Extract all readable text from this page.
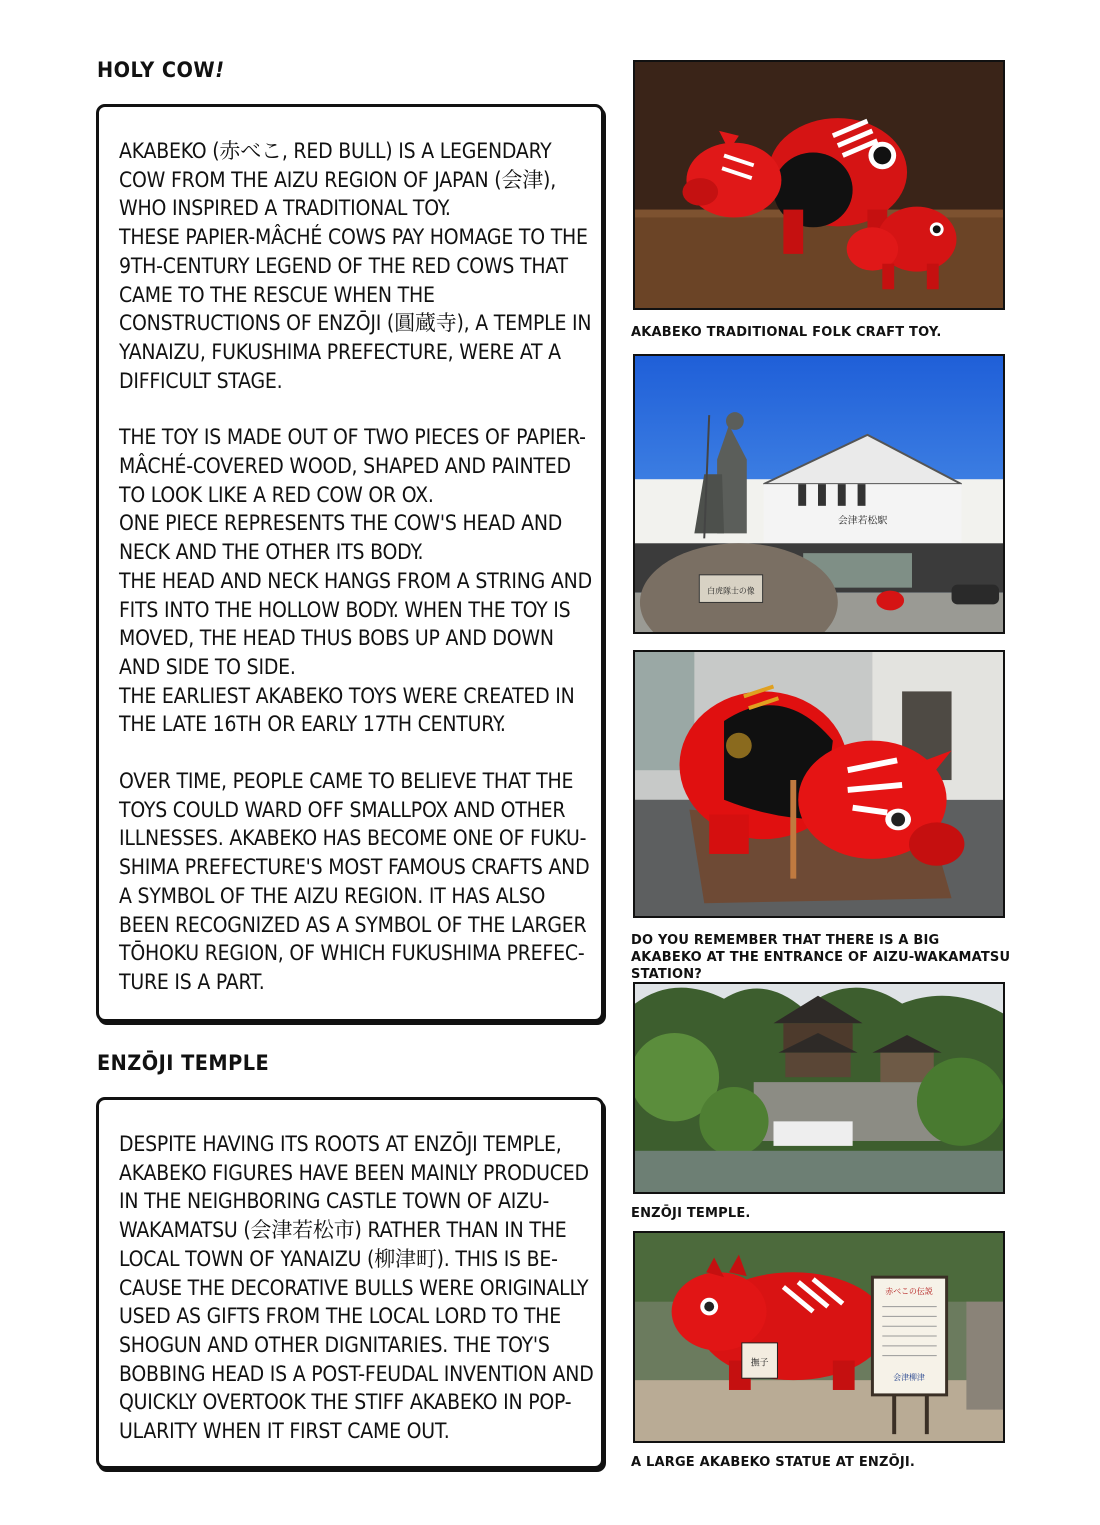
HOLY COW!

AKABEKO (赤べこ, RED BULL) IS A LEGENDARY COW FROM THE AIZU REGION OF JAPAN (会津), WHO INSPIRED A TRADITIONAL TOY.

THESE PAPIER-MÂCHÉ COWS PAY HOMAGE TO THE 9TH-CENTURY LEGEND OF THE RED COWS THAT CAME TO THE RESCUE WHEN THE CONSTRUCTIONS OF ENZŌJI (圓蔵寺), A TEMPLE IN YANAIZU, FUKUSHIMA PREFECTURE, WERE AT A DIFFICULT STAGE.

THE TOY IS MADE OUT OF TWO PIECES OF PAPIER-MÂCHÉ-COVERED WOOD, SHAPED AND PAINTED TO LOOK LIKE A RED COW OR OX.

ONE PIECE REPRESENTS THE COW'S HEAD AND NECK AND THE OTHER ITS BODY.

THE HEAD AND NECK HANGS FROM A STRING AND FITS INTO THE HOLLOW BODY. WHEN THE TOY IS MOVED, THE HEAD THUS BOBS UP AND DOWN AND SIDE TO SIDE.

THE EARLIEST AKABEKO TOYS WERE CREATED IN THE LATE 16TH OR EARLY 17TH CENTURY.

OVER TIME, PEOPLE CAME TO BELIEVE THAT THE TOYS COULD WARD OFF SMALLPOX AND OTHER ILLNESSES. AKABEKO HAS BECOME ONE OF FUKU-SHIMA PREFECTURE'S MOST FAMOUS CRAFTS AND A SYMBOL OF THE AIZU REGION. IT HAS ALSO BEEN RECOGNIZED AS A SYMBOL OF THE LARGER TŌHOKU REGION, OF WHICH FUKUSHIMA PREFEC-TURE IS A PART.

ENZŌJI TEMPLE

DESPITE HAVING ITS ROOTS AT ENZŌJI TEMPLE, AKABEKO FIGURES HAVE BEEN MAINLY PRODUCED IN THE NEIGHBORING CASTLE TOWN OF AIZU-WAKAMATSU (会津若松市) RATHER THAN IN THE LOCAL TOWN OF YANAIZU (柳津町). THIS IS BE-CAUSE THE DECORATIVE BULLS WERE ORIGINALLY USED AS GIFTS FROM THE LOCAL LORD TO THE SHOGUN AND OTHER DIGNITARIES. THE TOY'S BOBBING HEAD IS A POST-FEUDAL INVENTION AND QUICKLY OVERTOOK THE STIFF AKABEKO IN POP-ULARITY WHEN IT FIRST CAME OUT.

AKABEKO TRADITIONAL FOLK CRAFT TOY.

会津若松駅
白虎隊士の像

DO YOU REMEMBER THAT THERE IS A BIG AKABEKO AT THE ENTRANCE OF AIZU-WAKAMATSU STATION?

ENZŌJI TEMPLE.

撫子
赤べこの伝説
会津柳津

A LARGE AKABEKO STATUE AT ENZŌJI.
